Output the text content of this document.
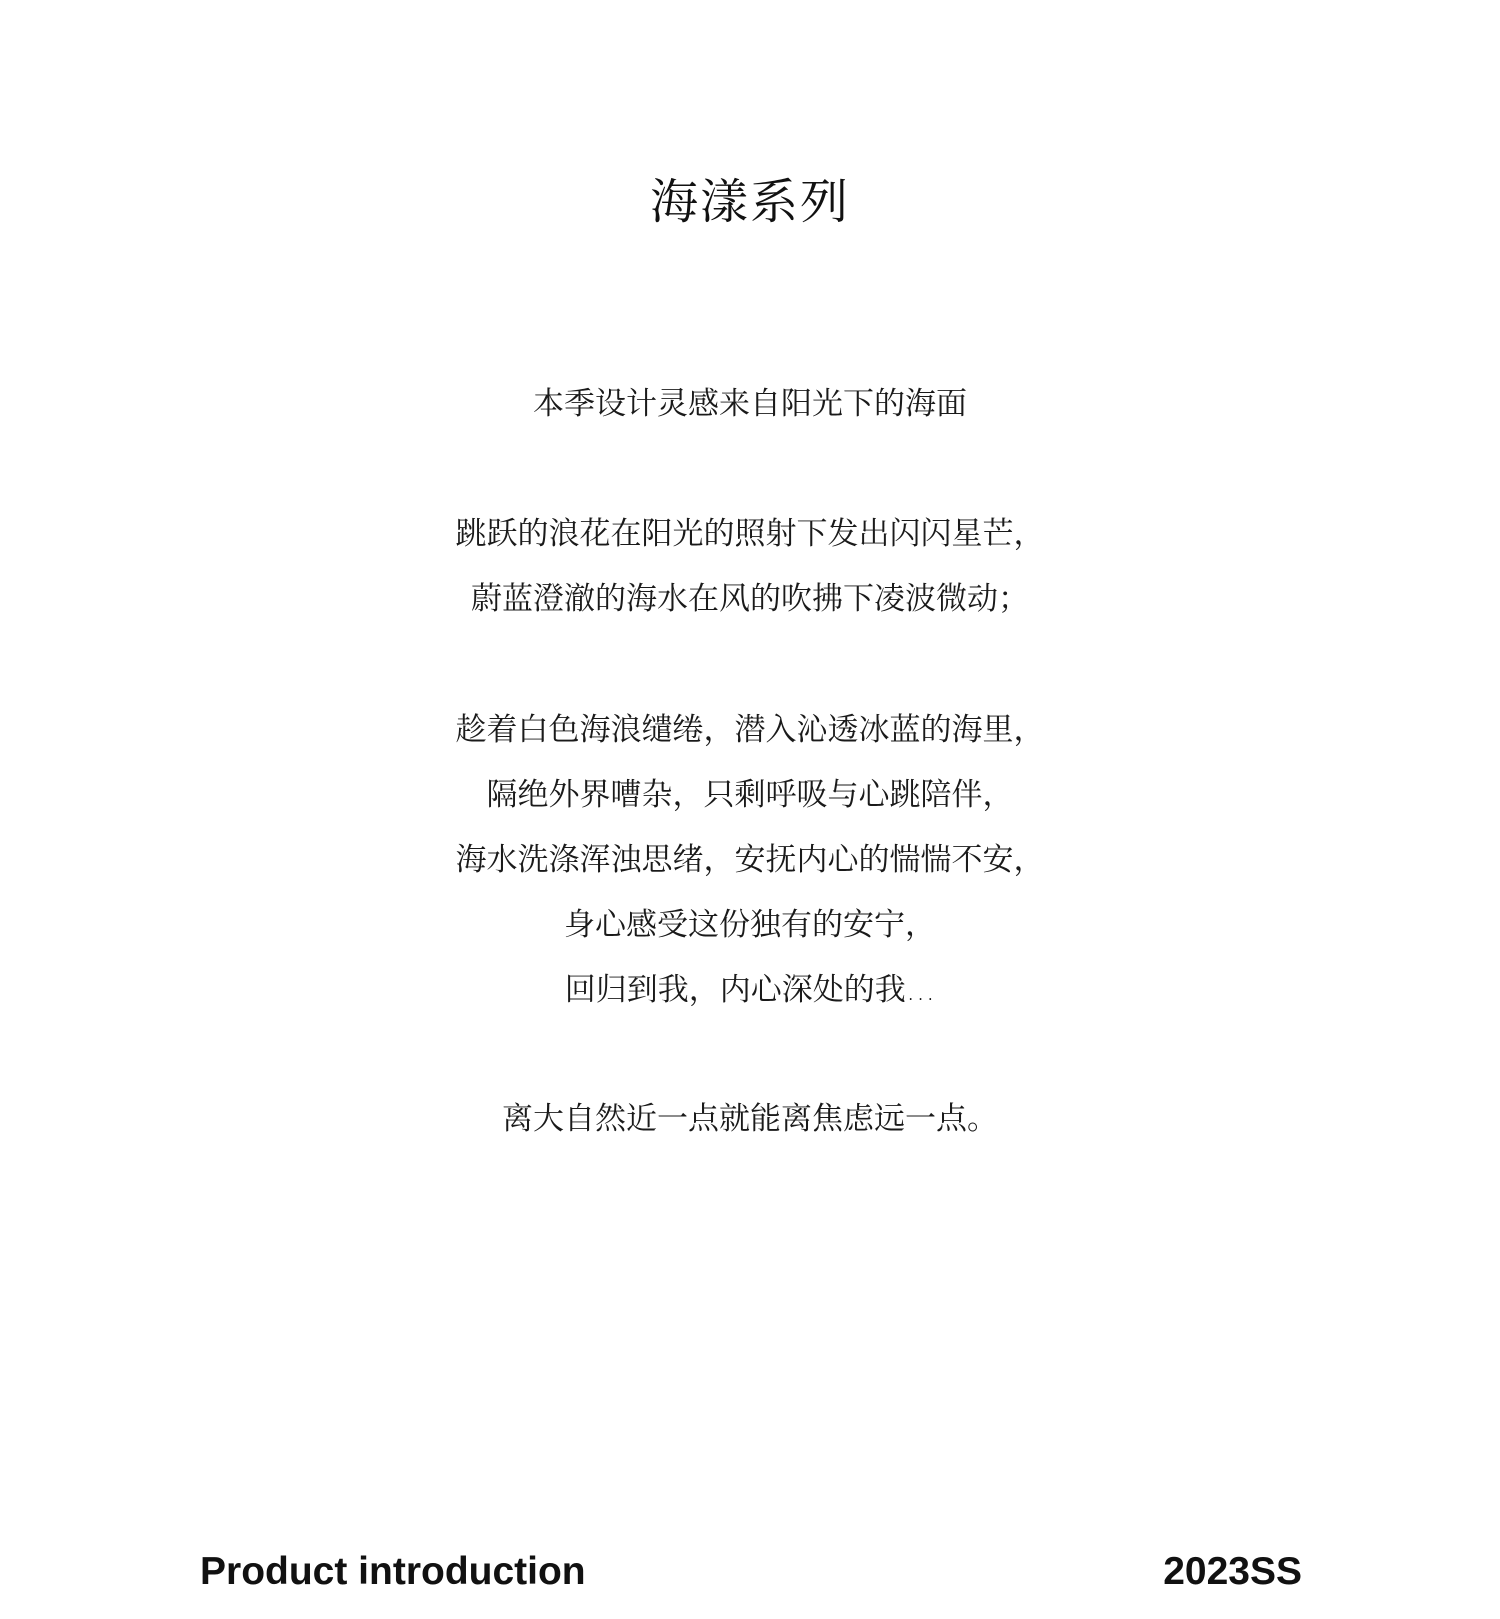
海漾系列
本季设计灵感来自阳光下的海面
跳跃的浪花在阳光的照射下发出闪闪星芒，
蔚蓝澄澈的海水在风的吹拂下凌波微动；
趁着白色海浪缱绻，潜入沁透冰蓝的海里，
隔绝外界嘈杂，只剩呼吸与心跳陪伴，
海水洗涤浑浊思绪，安抚内心的惴惴不安，
身心感受这份独有的安宁，
回归到我，内心深处的我...
离大自然近一点就能离焦虑远一点。
Product introduction	2023SS
